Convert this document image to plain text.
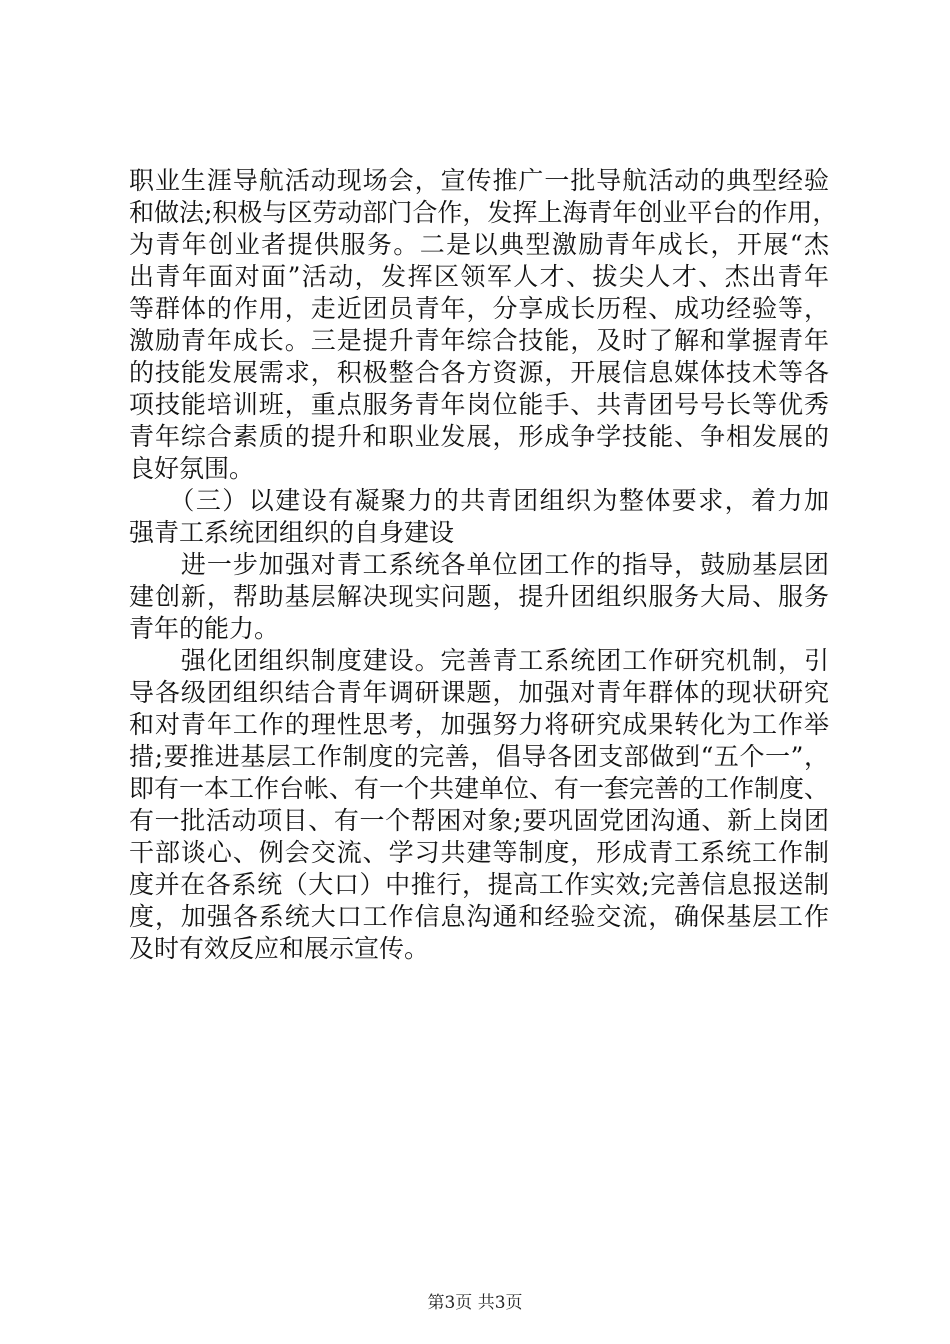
职业生涯导航活动现场会，宣传推广一批导航活动的典型经验
和做法;积极与区劳动部门合作，发挥上海青年创业平台的作用，
为青年创业者提供服务。二是以典型激励青年成长，开展“杰
出青年面对面”活动，发挥区领军人才、拔尖人才、杰出青年
等群体的作用，走近团员青年，分享成长历程、成功经验等，
激励青年成长。三是提升青年综合技能，及时了解和掌握青年
的技能发展需求，积极整合各方资源，开展信息媒体技术等各
项技能培训班，重点服务青年岗位能手、共青团号号长等优秀
青年综合素质的提升和职业发展，形成争学技能、争相发展的
良好氛围。
　　（三）以建设有凝聚力的共青团组织为整体要求，着力加
强青工系统团组织的自身建设
　　进一步加强对青工系统各单位团工作的指导，鼓励基层团
建创新，帮助基层解决现实问题，提升团组织服务大局、服务
青年的能力。
　　强化团组织制度建设。完善青工系统团工作研究机制，引
导各级团组织结合青年调研课题，加强对青年群体的现状研究
和对青年工作的理性思考，加强努力将研究成果转化为工作举
措;要推进基层工作制度的完善，倡导各团支部做到“五个一”，
即有一本工作台帐、有一个共建单位、有一套完善的工作制度、
有一批活动项目、有一个帮困对象;要巩固党团沟通、新上岗团
干部谈心、例会交流、学习共建等制度，形成青工系统工作制
度并在各系统（大口）中推行，提高工作实效;完善信息报送制
度，加强各系统大口工作信息沟通和经验交流，确保基层工作
及时有效反应和展示宣传。
第3页 共3页
